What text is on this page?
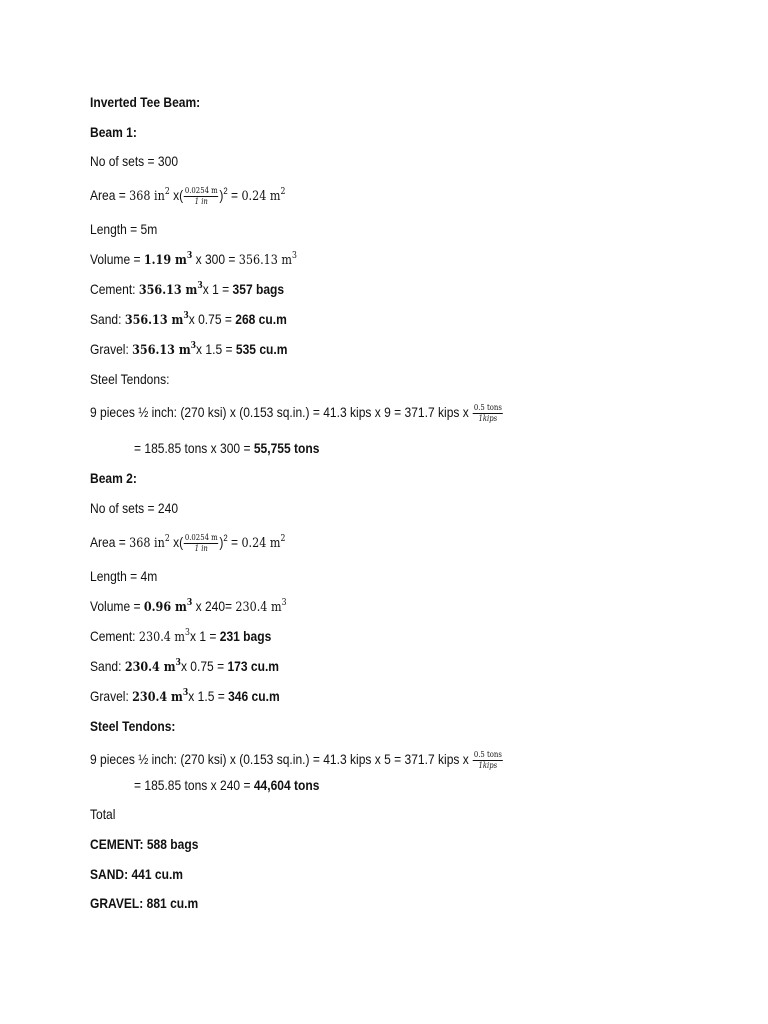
Inverted Tee Beam:
Beam 1:
No of sets = 300
Area = 368 $in^2$ $x( \frac{0.0254 m}{1 in} )^2 = 0.24$ $m^2$
Length = 5m
Volume = 1.19 $m^3$ x 300 = 356.13 $m^3$
Cement: 356.13 $m^3x$ 1 = 357 bags
Sand: 356.13 $m^3x$ 0.75 = 268 cu.m
Gravel: 356.13 $m^3x$ 1.5 = 535 cu.m
Steel Tendons:
9 pieces ½ inch: (270 ksi) x (0.153 sq.in.) = 41.3 kips x 9 = 371.7 kips x $\frac{\text{0.5 tons}}{\text{1kips}}$
= 185.85 tons x 300 = 55,755 tons
Beam 2:
No of sets = 240
Area = 368 $in^2$ $x( \frac{0.0254 m}{1 in} )^2 = 0.24$ $m^2$
Length = 4m
Volume = 0.96 $m^3$ x 240= 230.4 $m^3$
Cement: 230.4 $m^3x$ 1 = 231 bags
Sand: 230.4 $m^3x$ 0.75 = 173 cu.m
Gravel: 230.4 $m^3x$ 1.5 = 346 cu.m
Steel Tendons:
9 pieces ½ inch: (270 ksi) x (0.153 sq.in.) = 41.3 kips x 5 = 371.7 kips x $\frac{\text{0.5 tons}}{\text{1kips}}$
= 185.85 tons x 240 = 44,604 tons
Total
CEMENT: 588 bags
SAND: 441 cu.m
GRAVEL: 881 cu.m
